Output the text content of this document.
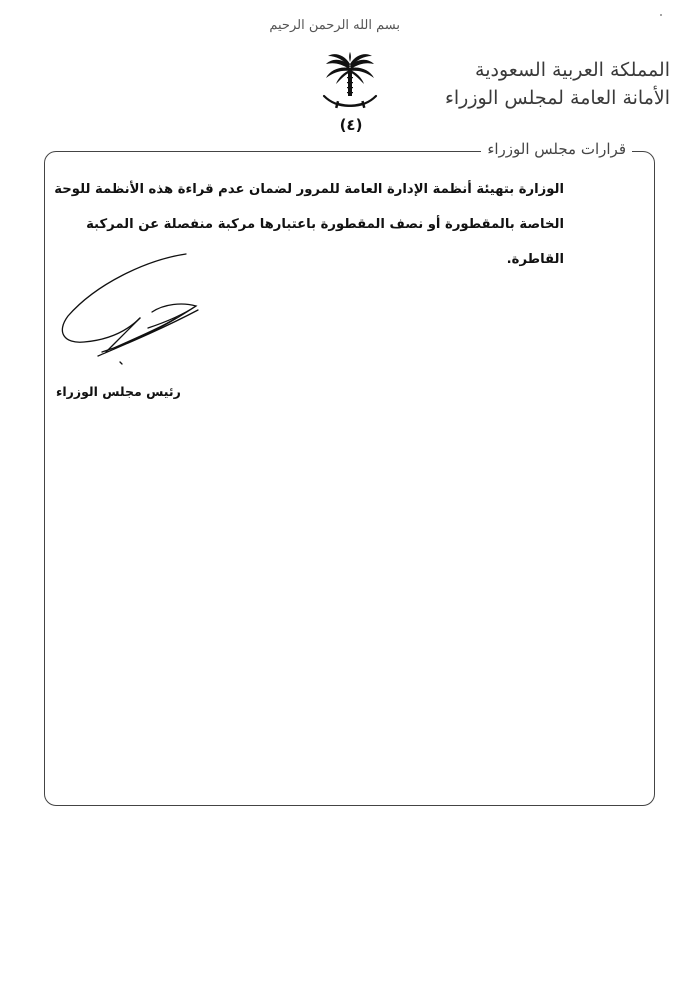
بسم الله الرحمن الرحيم
(٤)
المملكة العربية السعودية
الأمانة العامة لمجلس الوزراء
قرارات مجلس الوزراء

الوزارة بتهيئة أنظمة الإدارة العامة للمرور لضمان عدم قراءة هذه الأنظمة للوحة

الخاصة بالمقطورة أو نصف المقطورة باعتبارها مركبة منفصلة عن المركبة

القاطرة.

رئيس مجلس الوزراء
